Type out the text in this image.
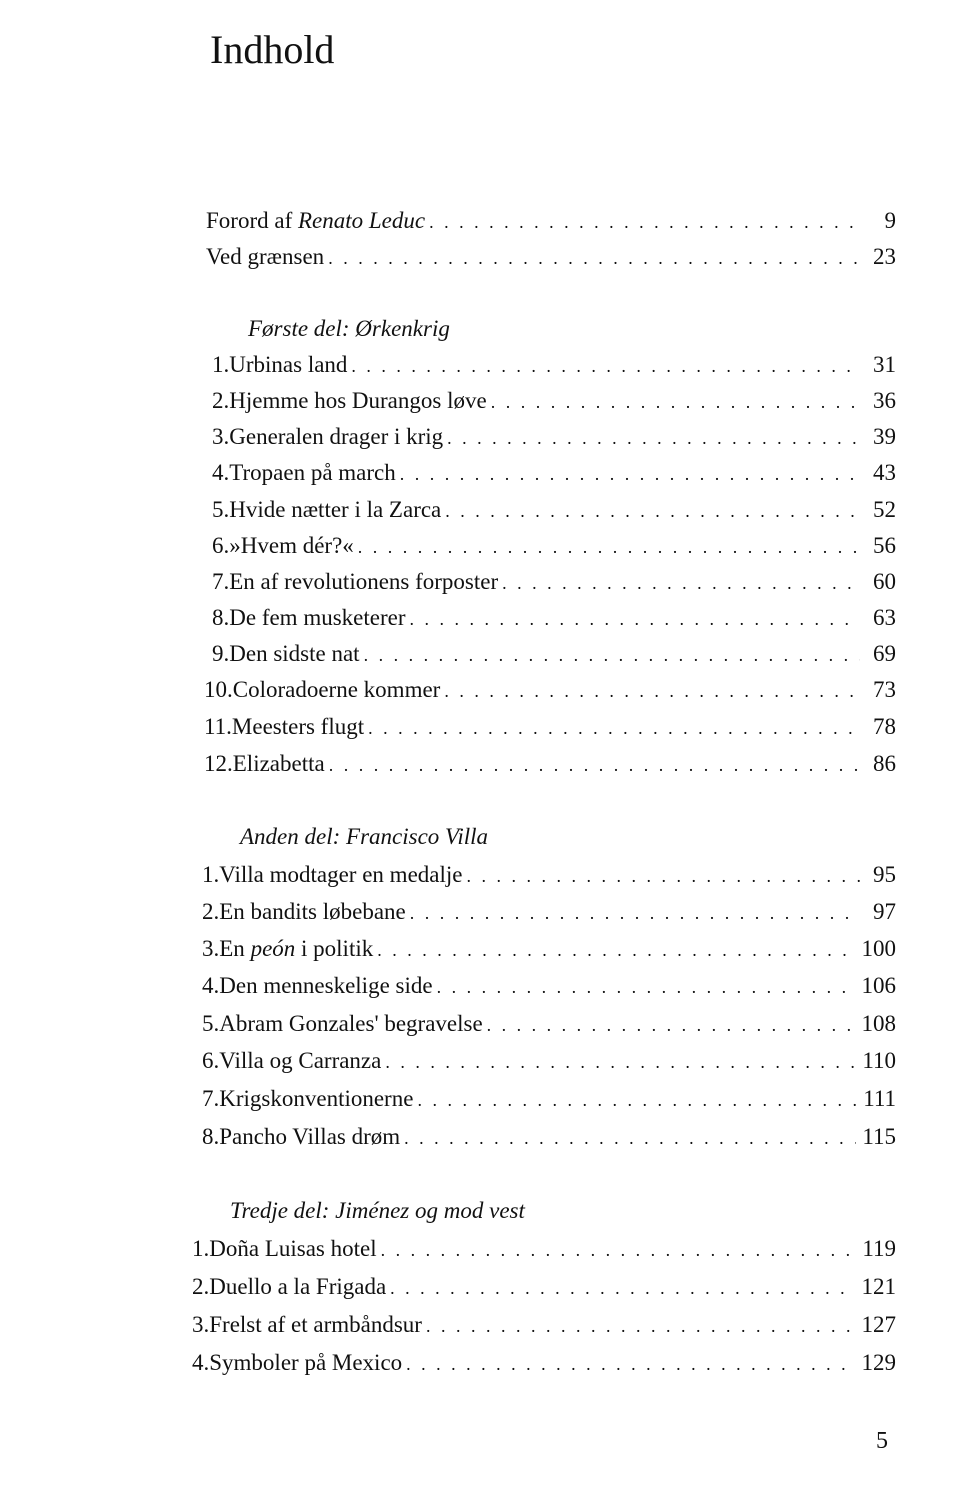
Indhold
Forord af Renato Leduc . . .	9
Ved grænsen . . .	23
Første del: Ørkenkrig
1. Urbinas land . . .	31
2. Hjemme hos Durangos løve . . .	36
3. Generalen drager i krig . . .	39
4. Tropaen på march . . .	43
5. Hvide nætter i la Zarca . . .	52
6. »Hvem dér?« . . .	56
7. En af revolutionens forposter . . .	60
8. De fem musketerer . . .	63
9. Den sidste nat . . .	69
10. Coloradoerne kommer . . .	73
11. Meesters flugt . . .	78
12. Elizabetta . . .	86
Anden del: Francisco Villa
1. Villa modtager en medalje . . .	95
2. En bandits løbebane . . .	97
3. En peón i politik . . .	100
4. Den menneskelige side . . .	106
5. Abram Gonzales' begravelse . . .	108
6. Villa og Carranza . . .	110
7. Krigskonventionerne . . .	111
8. Pancho Villas drøm . . .	115
Tredje del: Jiménez og mod vest
1. Doña Luisas hotel . . .	119
2. Duello a la Frigada . . .	121
3. Frelst af et armbåndsur . . .	127
4. Symboler på Mexico . . .	129
5
